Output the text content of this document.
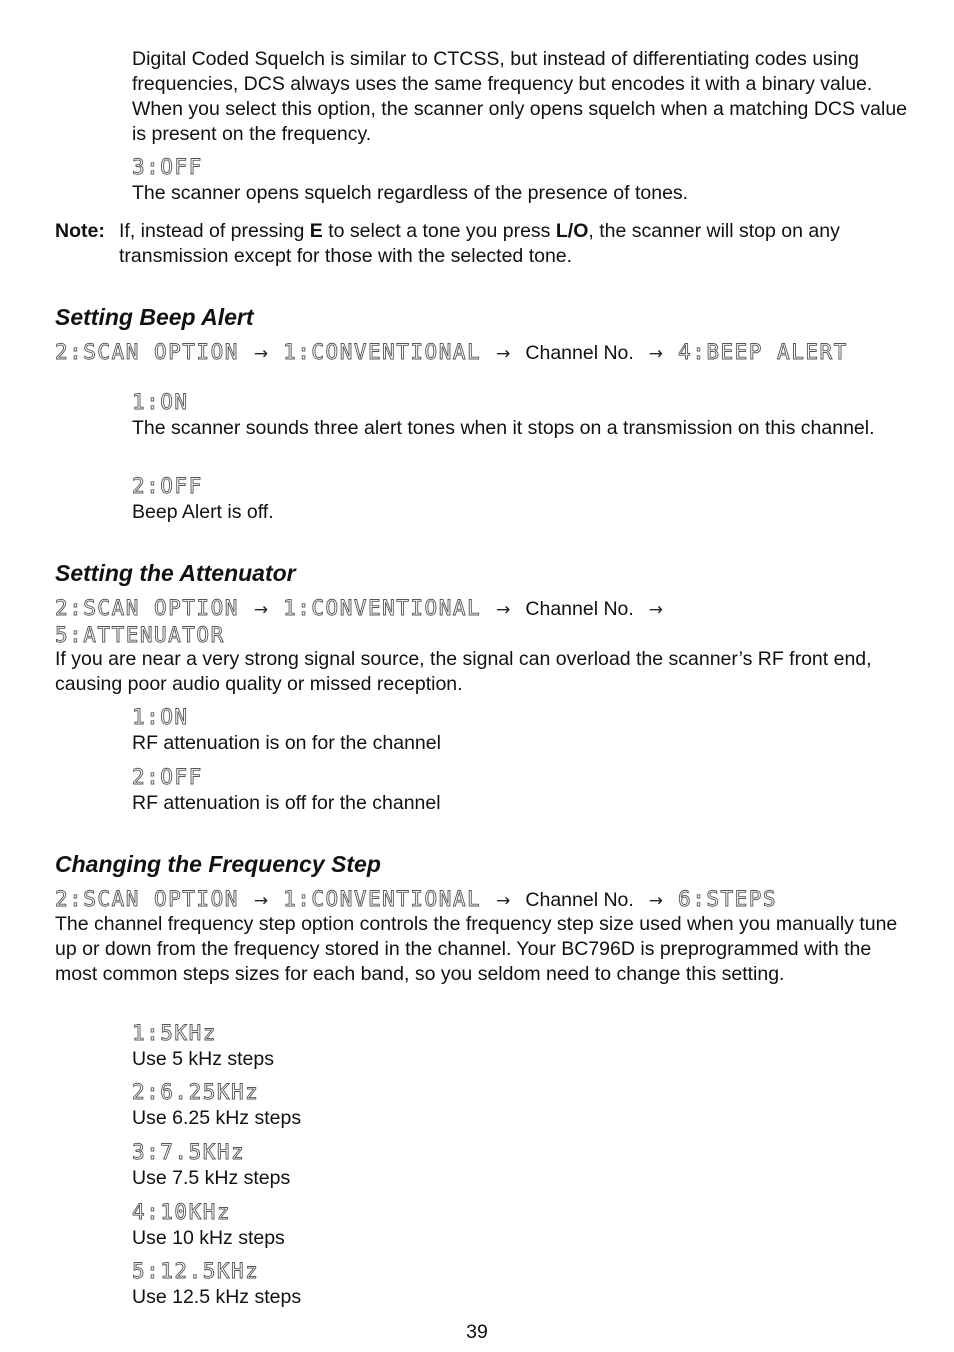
Digital Coded Squelch is similar to CTCSS, but instead of differentiating codes using frequencies, DCS always uses the same frequency but encodes it with a binary value. When you select this option, the scanner only opens squelch when a matching DCS value is present on the frequency.
3:OFF
The scanner opens squelch regardless of the presence of tones.
Note: If, instead of pressing E to select a tone you press L/O, the scanner will stop on any transmission except for those with the selected tone.
Setting Beep Alert
2:SCAN OPTION → 1:CONVENTIONAL → Channel No. → 4:BEEP ALERT
1:ON
The scanner sounds three alert tones when it stops on a transmission on this channel.
2:OFF
Beep Alert is off.
Setting the Attenuator
2:SCAN OPTION → 1:CONVENTIONAL → Channel No. →
5:ATTENUATOR
If you are near a very strong signal source, the signal can overload the scanner’s RF front end, causing poor audio quality or missed reception.
1:ON
RF attenuation is on for the channel
2:OFF
RF attenuation is off for the channel
Changing the Frequency Step
2:SCAN OPTION → 1:CONVENTIONAL → Channel No. → 6:STEPS
The channel frequency step option controls the frequency step size used when you manually tune up or down from the frequency stored in the channel. Your BC796D is preprogrammed with the most common steps sizes for each band, so you seldom need to change this setting.
1:5KHz
Use 5 kHz steps
2:6.25KHz
Use 6.25 kHz steps
3:7.5KHz
Use 7.5 kHz steps
4:10KHz
Use 10 kHz steps
5:12.5KHz
Use 12.5 kHz steps
39
